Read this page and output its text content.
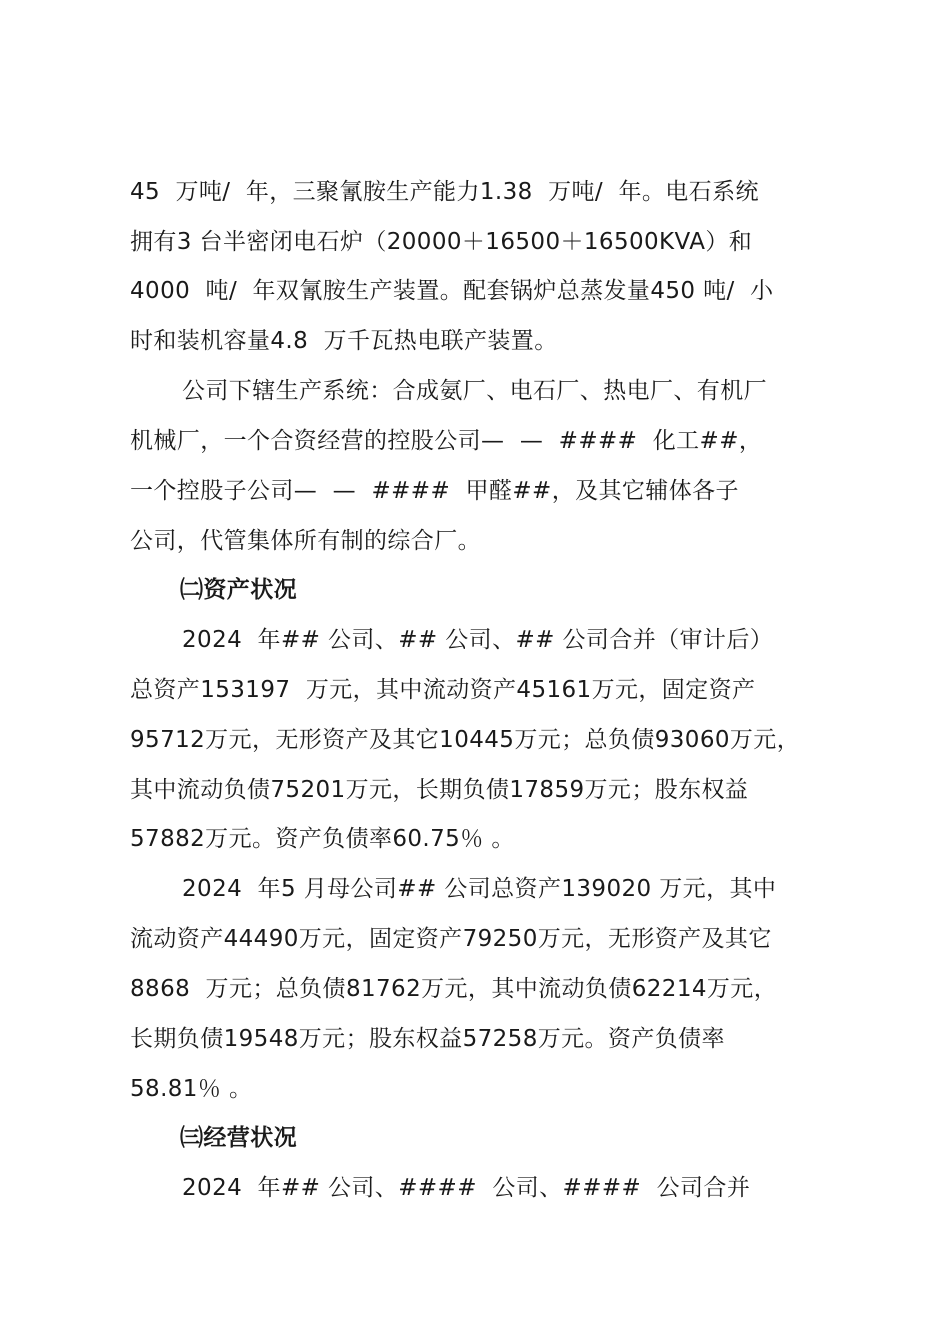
45  万吨/  年，三聚氰胺生产能力1.38  万吨/  年。电石系统
拥有3 台半密闭电石炉（20000＋16500＋16500KVA）和
4000  吨/  年双氰胺生产装置。配套锅炉总蒸发量450 吨/  小
时和装机容量4.8  万千瓦热电联产装置。
公司下辖生产系统：合成氨厂、电石厂、热电厂、有机厂
机械厂，一个合资经营的控股公司—  —  ####  化工##，
一个控股子公司—  —  ####  甲醛##，及其它辅体各子
公司，代管集体所有制的综合厂。
㈡资产状况
2024  年## 公司、## 公司、## 公司合并（审计后）
总资产153197  万元，其中流动资产45161万元，固定资产
95712万元，无形资产及其它10445万元；总负债93060万元，
其中流动负债75201万元，长期负债17859万元；股东权益
57882万元。资产负债率60.75％ 。
2024  年5 月母公司## 公司总资产139020 万元，其中
流动资产44490万元，固定资产79250万元，无形资产及其它
8868  万元；总负债81762万元，其中流动负债62214万元，
长期负债19548万元；股东权益57258万元。资产负债率
58.81％ 。
㈢经营状况
2024  年## 公司、####  公司、####  公司合并
